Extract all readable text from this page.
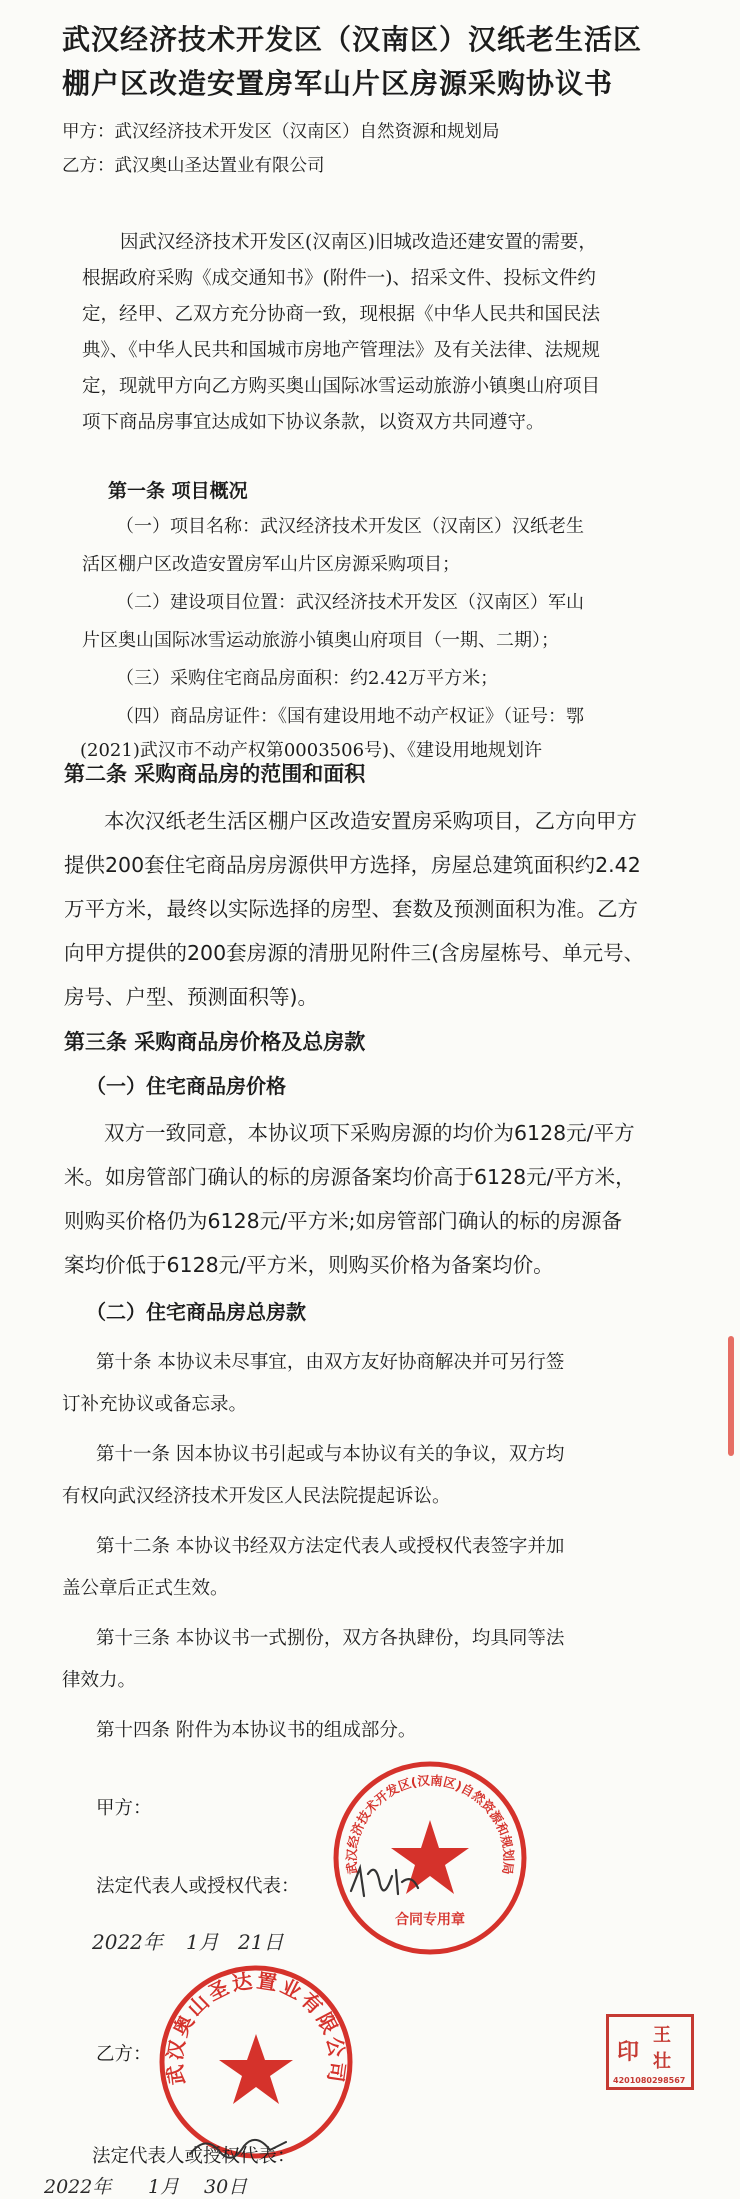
武汉经济技术开发区（汉南区）汉纸老生活区
棚户区改造安置房军山片区房源采购协议书
甲方：武汉经济技术开发区（汉南区）自然资源和规划局
乙方：武汉奥山圣达置业有限公司
因武汉经济技术开发区(汉南区)旧城改造还建安置的需要，
根据政府采购《成交通知书》(附件一)、招采文件、投标文件约
定，经甲、乙双方充分协商一致，现根据《中华人民共和国民法
典》、《中华人民共和国城市房地产管理法》及有关法律、法规规
定，现就甲方向乙方购买奥山国际冰雪运动旅游小镇奥山府项目
项下商品房事宜达成如下协议条款，以资双方共同遵守。
第一条 项目概况
（一）项目名称：武汉经济技术开发区（汉南区）汉纸老生
活区棚户区改造安置房军山片区房源采购项目；
（二）建设项目位置：武汉经济技术开发区（汉南区）军山
片区奥山国际冰雪运动旅游小镇奥山府项目（一期、二期）；
（三）采购住宅商品房面积：约2.42万平方米；
（四）商品房证件：《国有建设用地不动产权证》（证号：鄂
(2021)武汉市不动产权第0003506号)、《建设用地规划许
第二条 采购商品房的范围和面积
本次汉纸老生活区棚户区改造安置房采购项目，乙方向甲方
提供200套住宅商品房房源供甲方选择，房屋总建筑面积约2.42
万平方米，最终以实际选择的房型、套数及预测面积为准。乙方
向甲方提供的200套房源的清册见附件三(含房屋栋号、单元号、
房号、户型、预测面积等)。
第三条 采购商品房价格及总房款
（一）住宅商品房价格
双方一致同意，本协议项下采购房源的均价为6128元/平方
米。如房管部门确认的标的房源备案均价高于6128元/平方米，
则购买价格仍为6128元/平方米;如房管部门确认的标的房源备
案均价低于6128元/平方米，则购买价格为备案均价。
（二）住宅商品房总房款
第十条 本协议未尽事宜，由双方友好协商解决并可另行签
订补充协议或备忘录。
第十一条 因本协议书引起或与本协议有关的争议，双方均
有权向武汉经济技术开发区人民法院提起诉讼。
第十二条 本协议书经双方法定代表人或授权代表签字并加
盖公章后正式生效。
第十三条 本协议书一式捌份，双方各执肆份，均具同等法
律效力。
第十四条 附件为本协议书的组成部分。
甲方：
武汉经济技术开发区(汉南区)自然资源和规划局
合同专用章
法定代表人或授权代表：
2022年 1月 21日
乙方：
武汉奥山圣达置业有限公司
印
王
壮
4201080298567
法定代表人或授权代表：
2022年 1月 30日
